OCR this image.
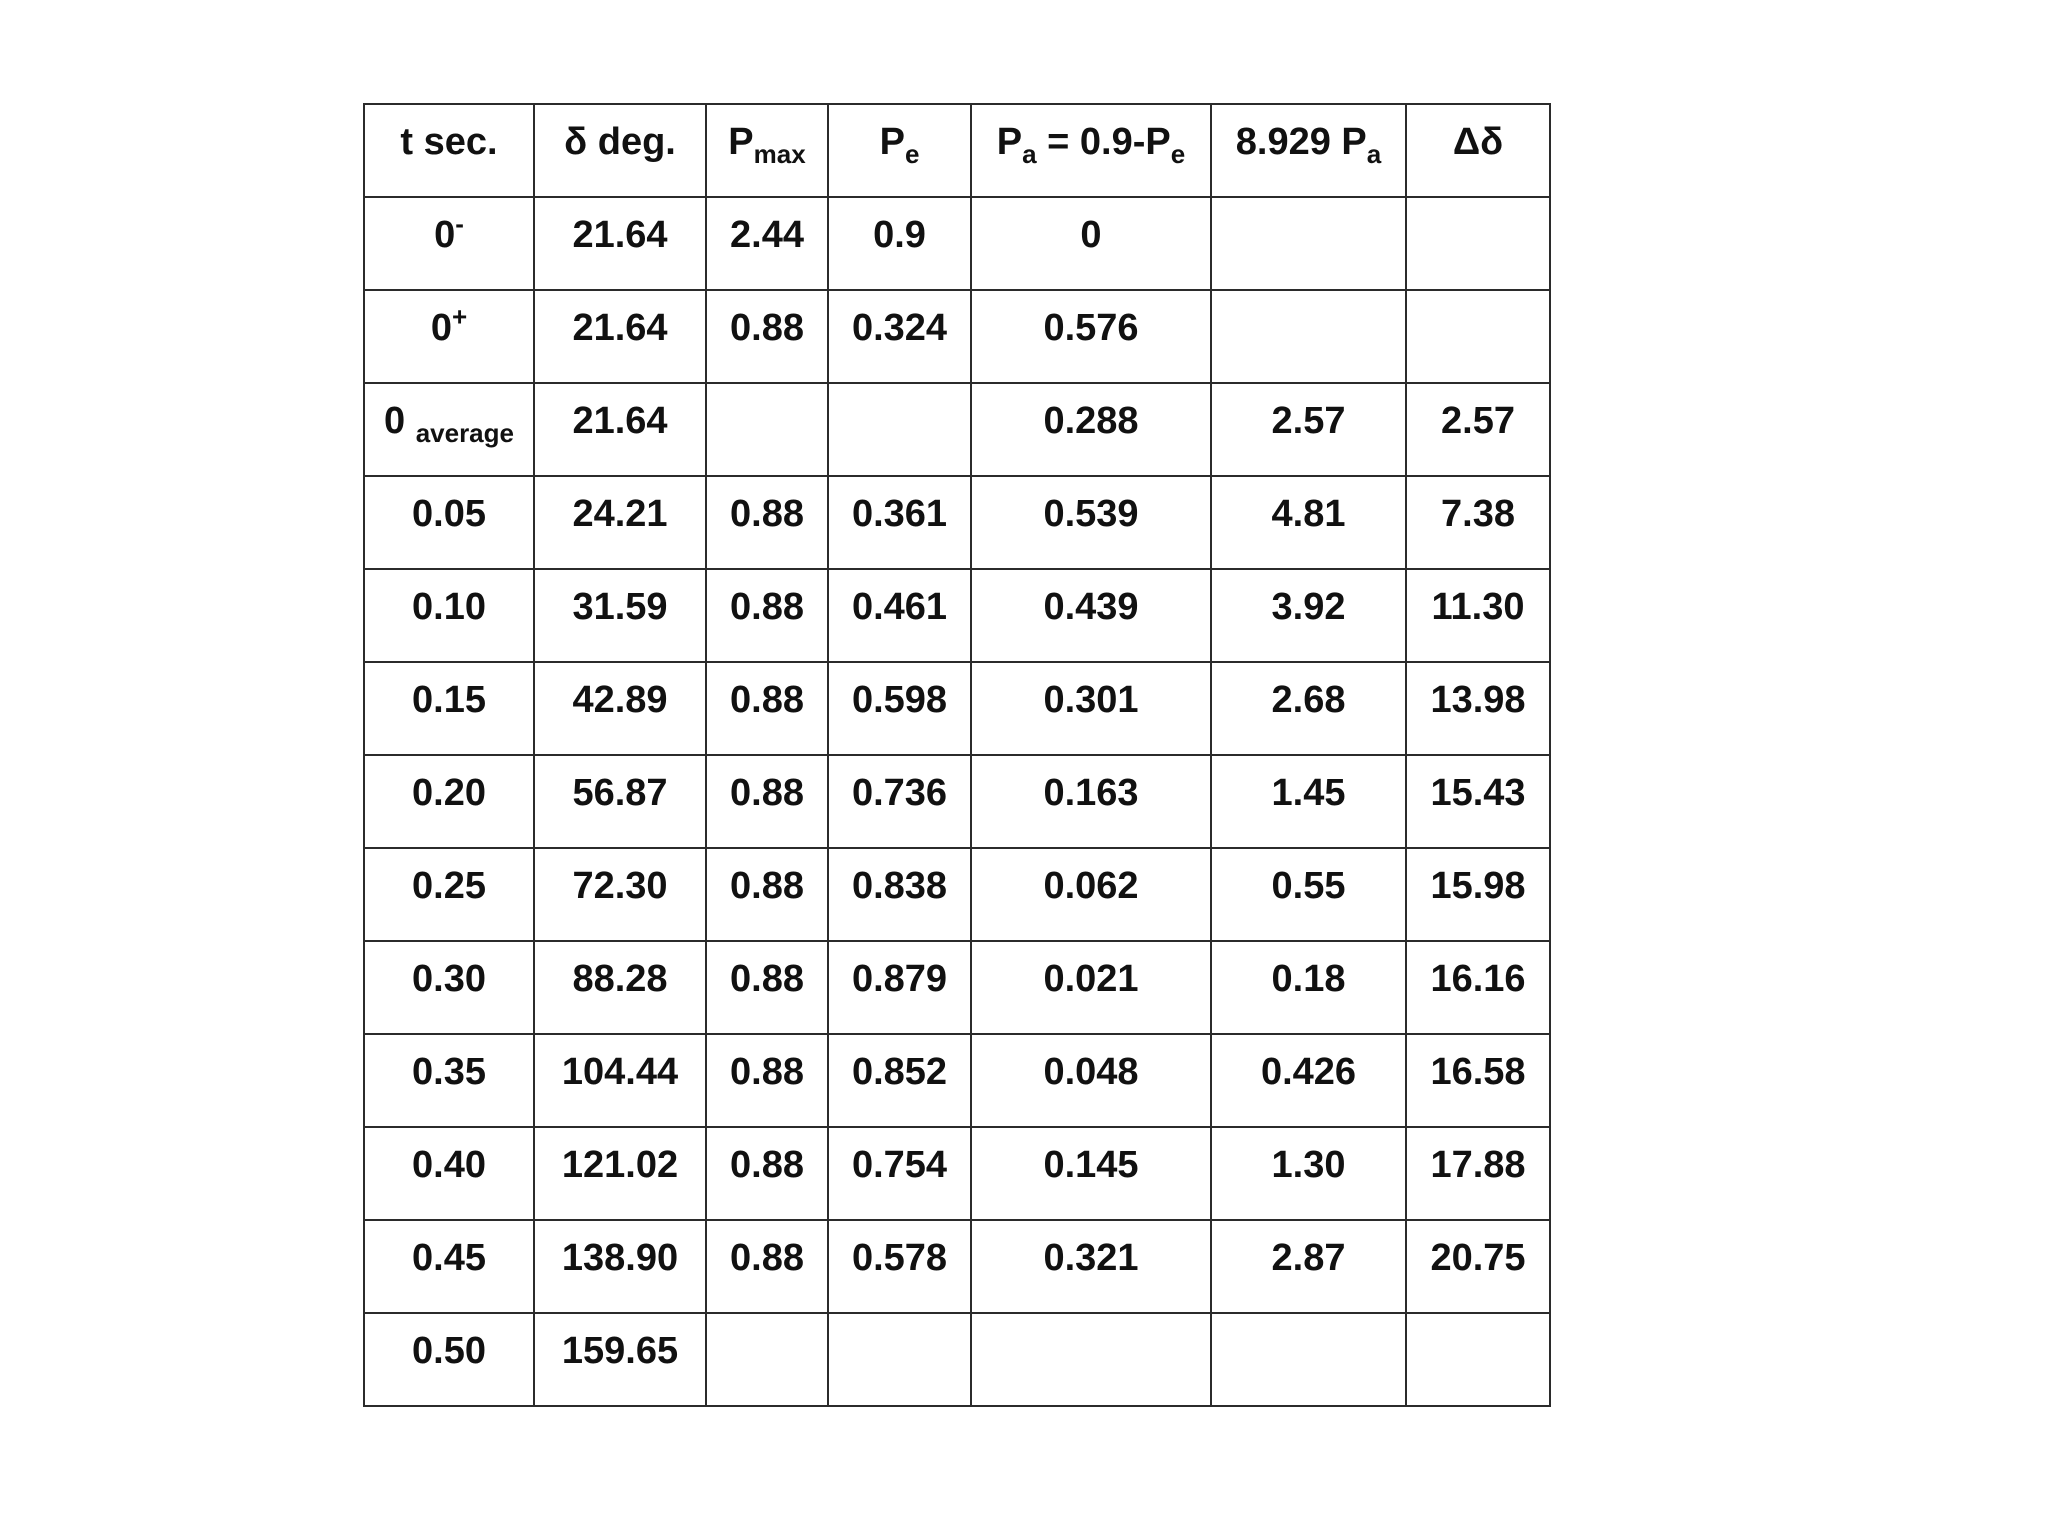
t sec.	δ deg.	$P_{max}$	$P_e$	$P_a = 0.9-P_e$	8.929 $P_a$	Δδ

0-	21.64	2.44	0.9	0		

0+	21.64	0.88	0.324	0.576		

0 $_{average}$	21.64			0.288	2.57	2.57

0.05	24.21	0.88	0.361	0.539	4.81	7.38

0.10	31.59	0.88	0.461	0.439	3.92	11.30

0.15	42.89	0.88	0.598	0.301	2.68	13.98

0.20	56.87	0.88	0.736	0.163	1.45	15.43

0.25	72.30	0.88	0.838	0.062	0.55	15.98

0.30	88.28	0.88	0.879	0.021	0.18	16.16

0.35	104.44	0.88	0.852	0.048	0.426	16.58

0.40	121.02	0.88	0.754	0.145	1.30	17.88

0.45	138.90	0.88	0.578	0.321	2.87	20.75

0.50	159.65					
